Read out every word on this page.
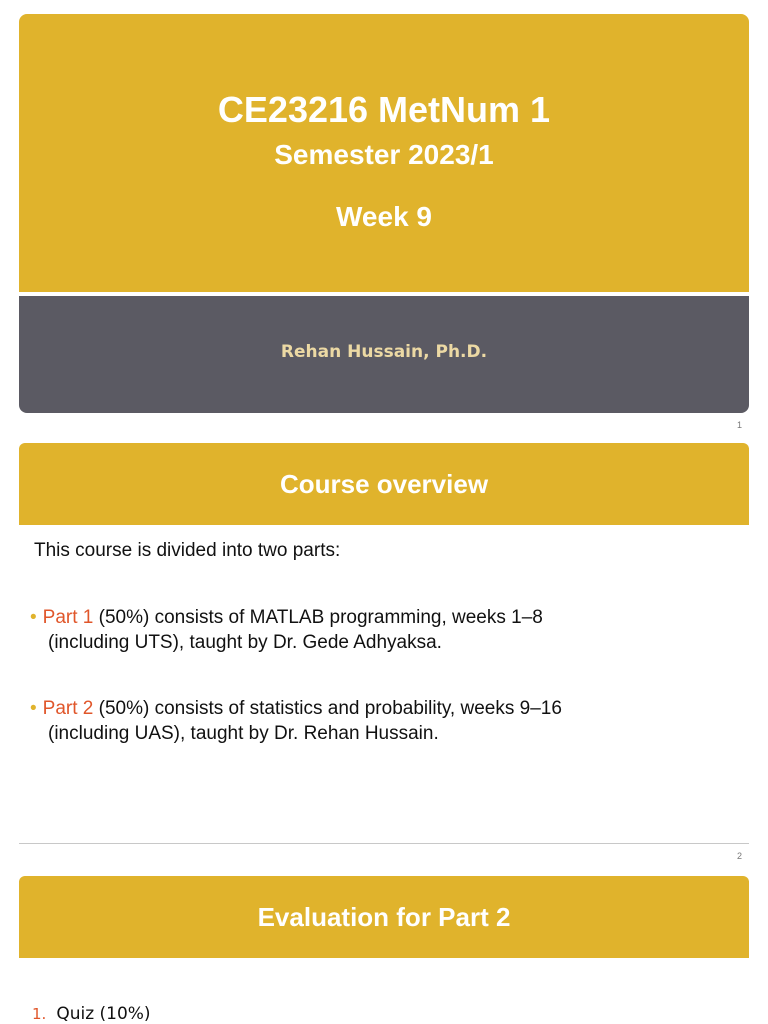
CE23216 MetNum 1
Semester 2023/1
Week 9
Rehan Hussain, Ph.D.
1
Course overview
This course is divided into two parts:
• Part 1 (50%) consists of MATLAB programming, weeks 1–8
(including UTS), taught by Dr. Gede Adhyaksa.
• Part 2 (50%) consists of statistics and probability, weeks 9–16
(including UAS), taught by Dr. Rehan Hussain.
2
Evaluation for Part 2
1. Quiz (10%)
